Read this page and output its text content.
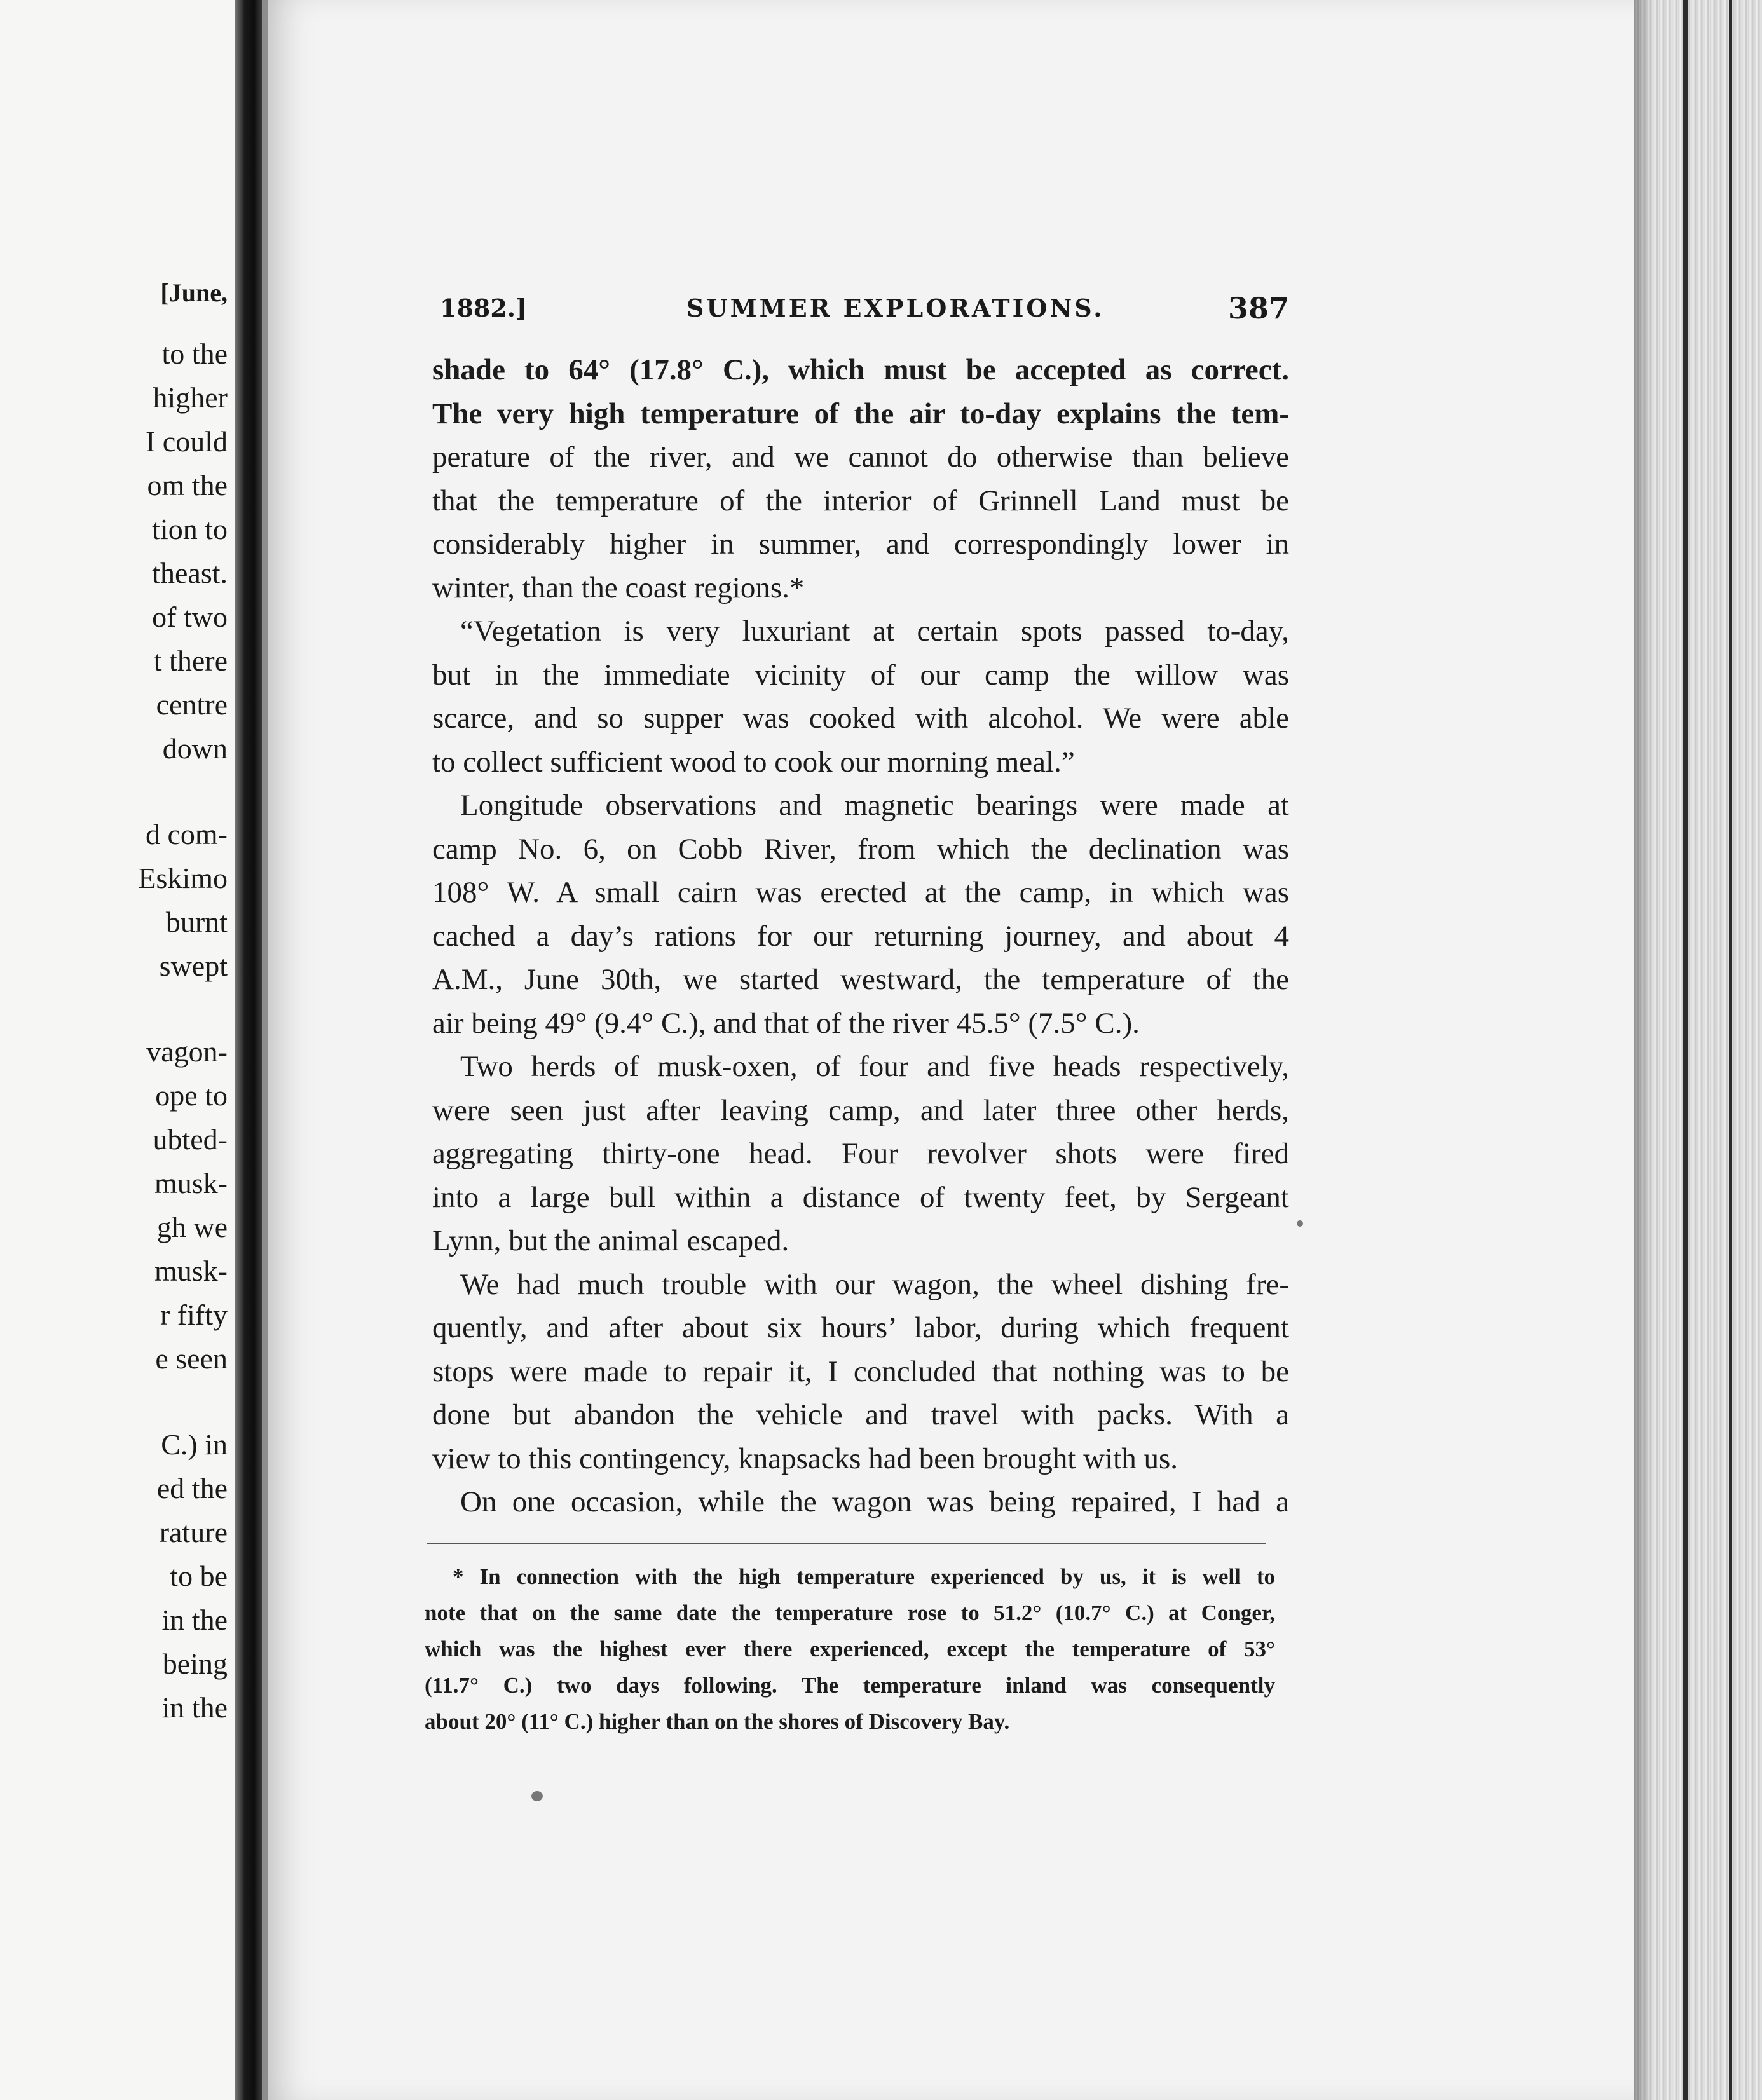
[June,
to the
higher
I could
om the
tion to
theast.
of two
t there
centre
down
d com-
Eskimo
burnt
swept
vagon-
ope to
ubted-
musk-
gh we
musk-
r fifty
e seen
C.) in
ed the
rature
to be
in the
being
in the
1882.]	SUMMER EXPLORATIONS.	387
shade to 64° (17.8° C.), which must be accepted as correct.
The very high temperature of the air to-day explains the tem-
perature of the river, and we cannot do otherwise than believe
that the temperature of the interior of Grinnell Land must be
considerably higher in summer, and correspondingly lower in
winter, than the coast regions.*
“Vegetation is very luxuriant at certain spots passed to-day,
but in the immediate vicinity of our camp the willow was
scarce, and so supper was cooked with alcohol. We were able
to collect sufficient wood to cook our morning meal.”
Longitude observations and magnetic bearings were made at
camp No. 6, on Cobb River, from which the declination was
108° W. A small cairn was erected at the camp, in which was
cached a day’s rations for our returning journey, and about 4
A.M., June 30th, we started westward, the temperature of the
air being 49° (9.4° C.), and that of the river 45.5° (7.5° C.).
Two herds of musk-oxen, of four and five heads respectively,
were seen just after leaving camp, and later three other herds,
aggregating thirty-one head. Four revolver shots were fired
into a large bull within a distance of twenty feet, by Sergeant
Lynn, but the animal escaped.
We had much trouble with our wagon, the wheel dishing fre-
quently, and after about six hours’ labor, during which frequent
stops were made to repair it, I concluded that nothing was to be
done but abandon the vehicle and travel with packs. With a
view to this contingency, knapsacks had been brought with us.
On one occasion, while the wagon was being repaired, I had a
* In connection with the high temperature experienced by us, it is well to
note that on the same date the temperature rose to 51.2° (10.7° C.) at Conger,
which was the highest ever there experienced, except the temperature of 53°
(11.7° C.) two days following. The temperature inland was consequently
about 20° (11° C.) higher than on the shores of Discovery Bay.
